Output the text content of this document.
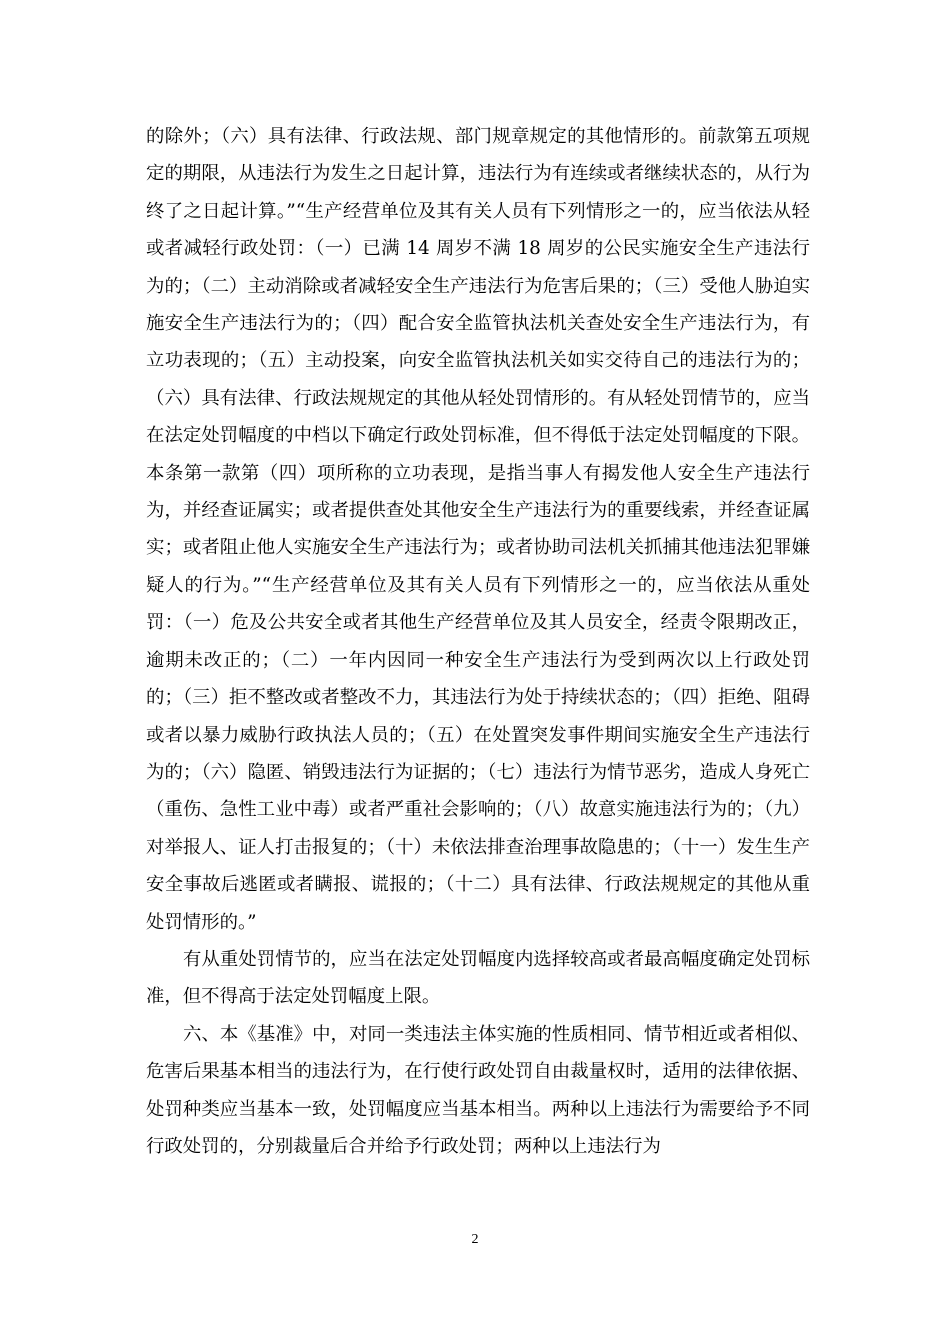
的除外；（六）具有法律、行政法规、部门规章规定的其他情形的。前款第五项规定的期限，从违法行为发生之日起计算，违法行为有连续或者继续状态的，从行为终了之日起计算。”“生产经营单位及其有关人员有下列情形之一的，应当依法从轻或者减轻行政处罚：（一）已满 14 周岁不满 18 周岁的公民实施安全生产违法行为的；（二）主动消除或者减轻安全生产违法行为危害后果的；（三）受他人胁迫实施安全生产违法行为的；（四）配合安全监管执法机关查处安全生产违法行为，有立功表现的；（五）主动投案，向安全监管执法机关如实交待自己的违法行为的；（六）具有法律、行政法规规定的其他从轻处罚情形的。有从轻处罚情节的，应当在法定处罚幅度的中档以下确定行政处罚标准，但不得低于法定处罚幅度的下限。本条第一款第（四）项所称的立功表现，是指当事人有揭发他人安全生产违法行为，并经查证属实；或者提供查处其他安全生产违法行为的重要线索，并经查证属实；或者阻止他人实施安全生产违法行为；或者协助司法机关抓捕其他违法犯罪嫌疑人的行为。”“生产经营单位及其有关人员有下列情形之一的，应当依法从重处罚：（一）危及公共安全或者其他生产经营单位及其人员安全，经责令限期改正，逾期未改正的；（二）一年内因同一种安全生产违法行为受到两次以上行政处罚的；（三）拒不整改或者整改不力，其违法行为处于持续状态的；（四）拒绝、阻碍或者以暴力威胁行政执法人员的；（五）在处置突发事件期间实施安全生产违法行为的；（六）隐匿、销毁违法行为证据的；（七）违法行为情节恶劣，造成人身死亡（重伤、急性工业中毒）或者严重社会影响的；（八）故意实施违法行为的；（九）对举报人、证人打击报复的；（十）未依法排查治理事故隐患的；（十一）发生生产安全事故后逃匿或者瞒报、谎报的；（十二）具有法律、行政法规规定的其他从重处罚情形的。”

有从重处罚情节的，应当在法定处罚幅度内选择较高或者最高幅度确定处罚标准，但不得高于法定处罚幅度上限。

六、本《基准》中，对同一类违法主体实施的性质相同、情节相近或者相似、危害后果基本相当的违法行为，在行使行政处罚自由裁量权时，适用的法律依据、处罚种类应当基本一致，处罚幅度应当基本相当。两种以上违法行为需要给予不同行政处罚的，分别裁量后合并给予行政处罚；两种以上违法行为

2
